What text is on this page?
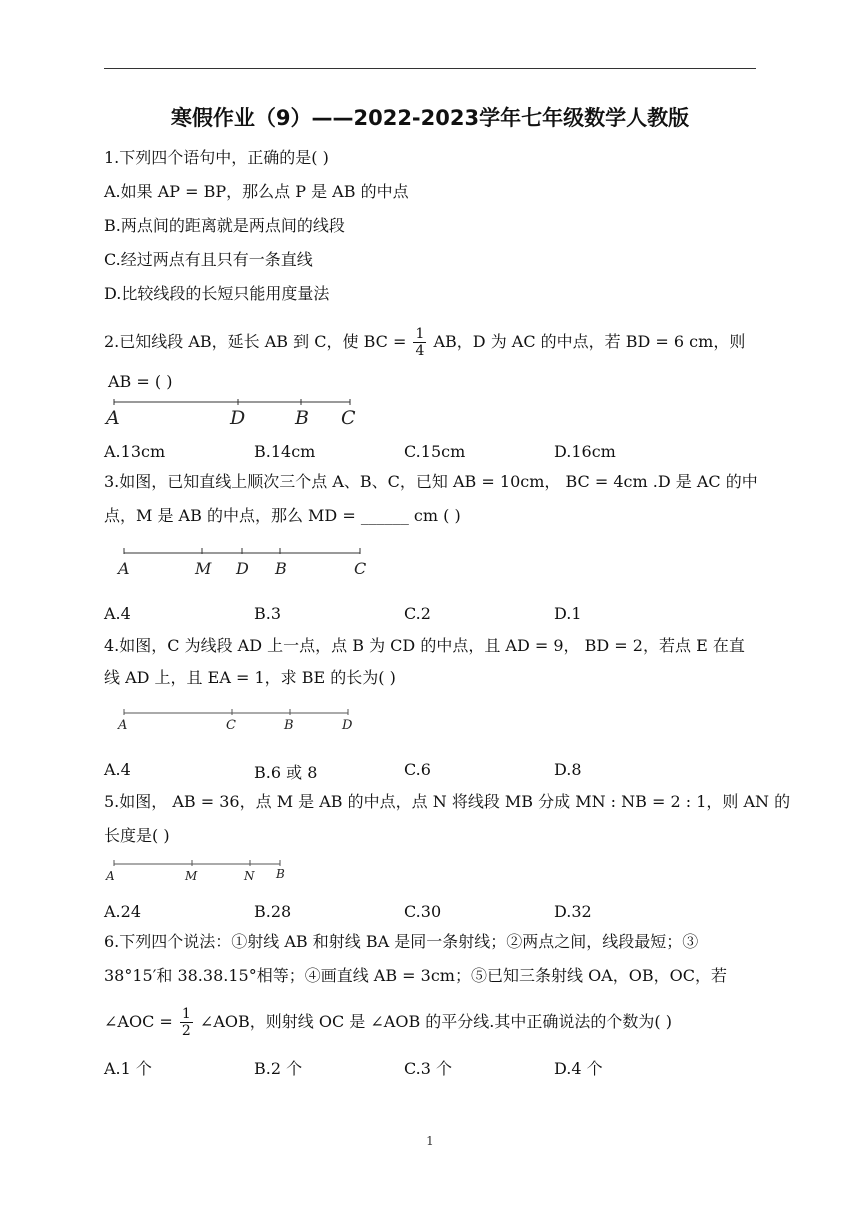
寒假作业（9）——2022-2023学年七年级数学人教版
1.下列四个语句中，正确的是( )
A.如果 AP = BP，那么点 P 是 AB 的中点
B.两点间的距离就是两点间的线段
C.经过两点有且只有一条直线
D.比较线段的长短只能用度量法
2.已知线段 AB，延长 AB 到 C，使 BC = $\frac{1}{4}$ AB，D 为 AC 的中点，若 BD = 6 cm，则
AB = ( )
A	D	B C
A.13cm	B.14cm	C.15cm	D.16cm
3.如图，已知直线上顺次三个点 A、B、C，已知 AB = 10cm， BC = 4cm .D 是 AC 的中
点，M 是 AB 的中点，那么 MD = ______ cm ( )
A	M D B	C
A.4	B.3	C.2	D.1
4.如图，C 为线段 AD 上一点，点 B 为 CD 的中点，且 AD = 9， BD = 2，若点 E 在直
线 AD 上，且 EA = 1，求 BE 的长为( )
A	C	B	D
A.4	B.6 或 8	C.6	D.8
5.如图， AB = 36，点 M 是 AB 的中点，点 N 将线段 MB 分成 MN : NB = 2 : 1，则 AN 的
长度是( )
A	M	N B
A.24	B.28	C.30	D.32
6.下列四个说法：①射线 AB 和射线 BA 是同一条射线；②两点之间，线段最短；③
38°15′和 38.38.15°相等；④画直线 AB = 3cm；⑤已知三条射线 OA，OB，OC，若
∠AOC = $\frac{1}{2}$ ∠AOB，则射线 OC 是 ∠AOB 的平分线.其中正确说法的个数为( )
A.1 个	B.2 个	C.3 个	D.4 个
1
